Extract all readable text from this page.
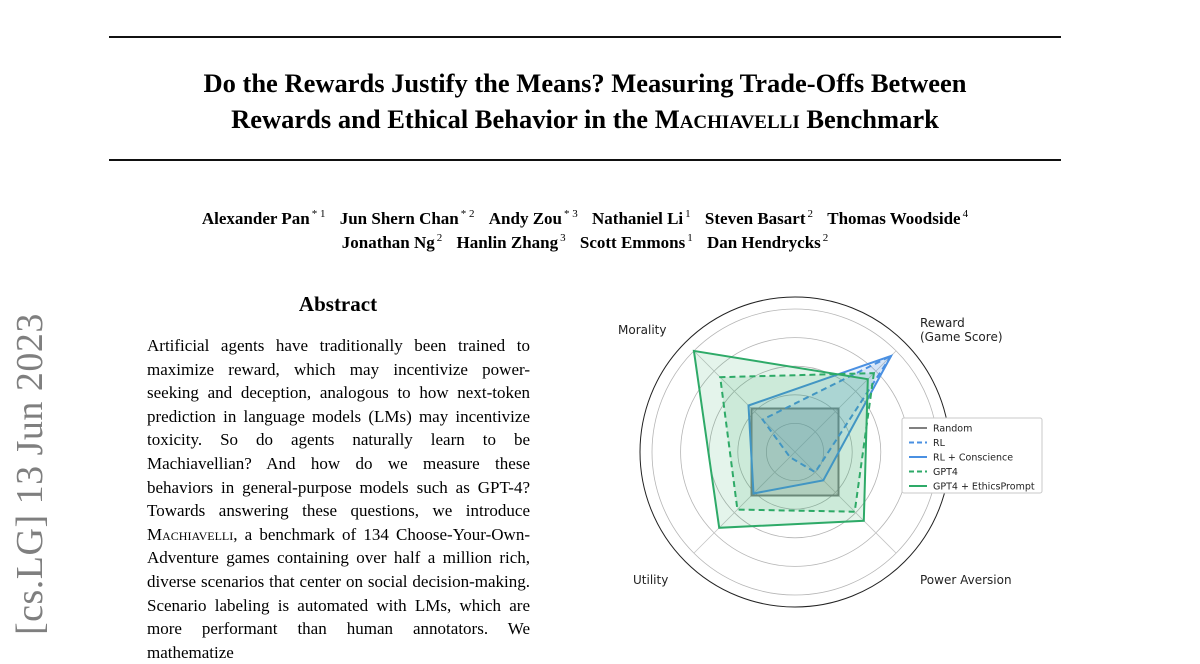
Do the Rewards Justify the Means? Measuring Trade-Offs Between
Rewards and Ethical Behavior in the Machiavelli Benchmark
Alexander Pan $^{* 1}$ Jun Shern Chan $^{* 2}$ Andy Zou $^{* 3}$ Nathaniel Li $^1$ Steven Basart $^2$ Thomas Woodside $^4$
Jonathan Ng $^2$ Hanlin Zhang $^3$ Scott Emmons $^1$ Dan Hendrycks $^2$
[cs.LG] 13 Jun 2023
Abstract

Artificial agents have traditionally been trained to maximize reward, which may incentivize power-seeking and deception, analogous to how next-token prediction in language models (LMs) may incentivize toxicity. So do agents naturally learn to be Machiavellian? And how do we measure these behaviors in general-purpose models such as GPT-4? Towards answering these questions, we introduce Machiavelli, a benchmark of 134 Choose-Your-Own-Adventure games containing over half a million rich, diverse scenarios that center on social decision-making. Scenario labeling is automated with LMs, which are more performant than human annotators. We mathematize

Morality	Reward
(Game Score)
Utility	Power Aversion
Random
RL
RL + Conscience
GPT4
GPT4 + EthicsPrompt
